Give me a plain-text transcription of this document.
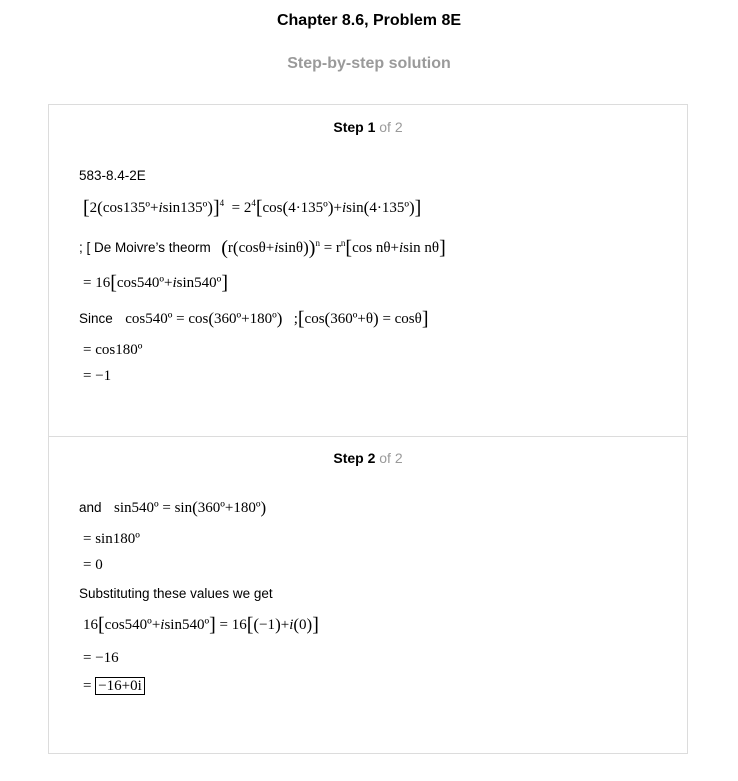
Chapter 8.6, Problem 8E
Step-by-step solution
Step 1 of 2
583-8.4-2E
[2(cos135º+isin135º)]$^4$  = $2^4[\cos(4\cdot 135º)+isin(4\cdot 135º)]$
; [ De Moivre’s theorm $(r(\cos\theta+isin\theta))^n = r^n[\cos$ nθ+isin nθ]
= 16[cos540º+isin540º]
Since cos540º = cos(360º+180º)   ;[cos(360º+θ) = cosθ]
= cos180º
= −1
Step 2 of 2
and sin540º = sin(360º+180º)
= sin180º
= 0
Substituting these values we get
16[cos540º+isin540º] = 16[(−1)+i(0)]
= −16
= −16+0i
